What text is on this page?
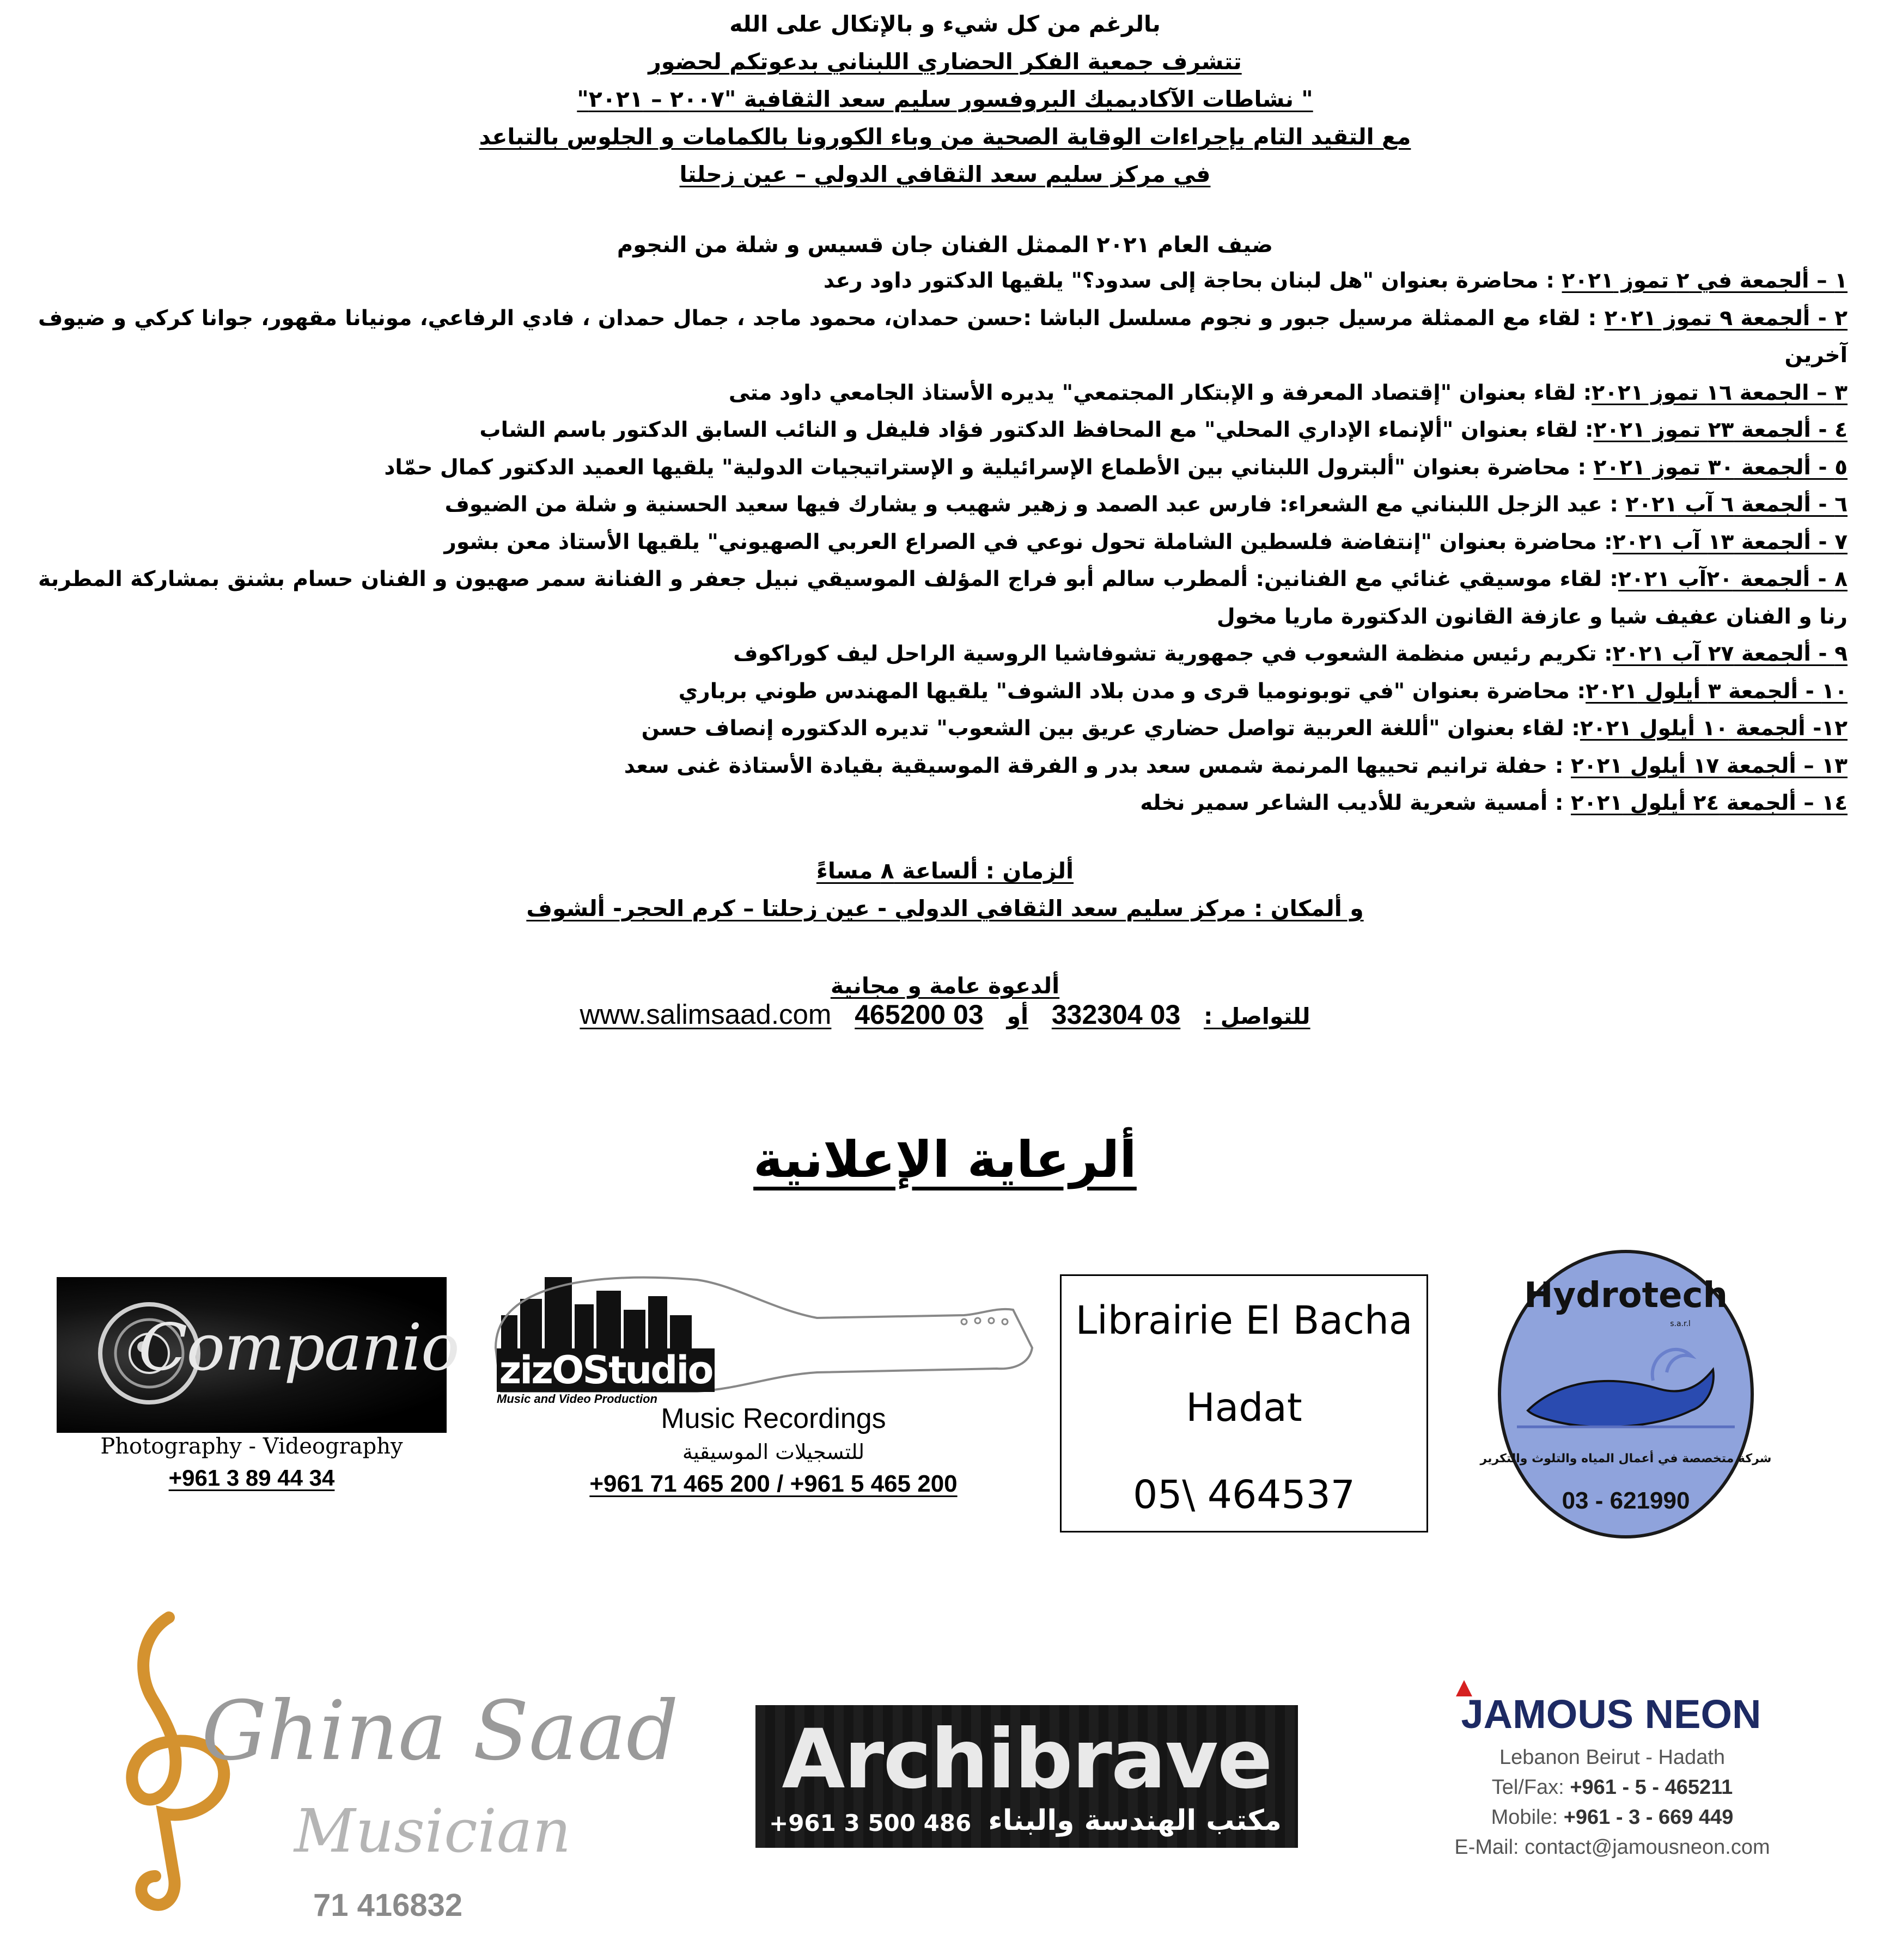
بالرغم من كل شيء و بالإتكال على الله
تتشرف جمعية الفكر الحضاري اللبناني بدعوتكم لحضور
" نشاطات الآكاديميك البروفسور سليم سعد الثقافية "٢٠٠٧ – ٢٠٢١"
مع التقيد التام بإجراءات الوقاية الصحية من وباء الكورونا بالكمامات و الجلوس بالتباعد
في مركز سليم سعد الثقافي الدولي – عين زحلتا
ضيف العام ٢٠٢١ الممثل الفنان جان قسيس و شلة من النجوم
١ – ألجمعة في ٢ تموز ٢٠٢١ : محاضرة بعنوان "هل لبنان بحاجة إلى سدود؟" يلقيها الدكتور داود رعد
٢ - ألجمعة ٩ تموز ٢٠٢١ : لقاء مع الممثلة مرسيل جبور و نجوم مسلسل الباشا :حسن حمدان، محمود ماجد ، جمال حمدان ، فادي الرفاعي، مونيانا مقهور، جوانا كركي و ضيوف آخرين
٣ – الجمعة ١٦ تموز ٢٠٢١: لقاء بعنوان "إقتصاد المعرفة و الإبتكار المجتمعي" يديره الأستاذ الجامعي داود متى
٤ - ألجمعة ٢٣ تموز ٢٠٢١: لقاء بعنوان "ألإنماء الإداري المحلي" مع المحافظ الدكتور فؤاد فليفل و النائب السابق الدكتور باسم الشاب
٥ - ألجمعة ٣٠ تموز ٢٠٢١ : محاضرة بعنوان "ألبترول اللبناني بين الأطماع الإسرائيلية و الإستراتيجيات الدولية" يلقيها العميد الدكتور كمال حمّاد
٦ - ألجمعة ٦ آب ٢٠٢١ : عيد الزجل اللبناني مع الشعراء: فارس عبد الصمد و زهير شهيب و يشارك فيها سعيد الحسنية و شلة من الضيوف
٧ - ألجمعة ١٣ آب ٢٠٢١: محاضرة بعنوان "إنتفاضة فلسطين الشاملة تحول نوعي في الصراع العربي الصهيوني" يلقيها الأستاذ معن بشور
٨ - ألجمعة ٢٠آب ٢٠٢١: لقاء موسيقي غنائي مع الفنانين: ألمطرب سالم أبو فراج المؤلف الموسيقي نبيل جعفر و الفنانة سمر صهيون و الفنان حسام بشنق بمشاركة المطربة رنا و الفنان عفيف شيا و عازفة القانون الدكتورة ماريا مخول
٩ - ألجمعة ٢٧ آب ٢٠٢١: تكريم رئيس منظمة الشعوب في جمهورية تشوفاشيا الروسية الراحل ليف كوراكوف
١٠ - ألجمعة ٣ أيلول ٢٠٢١: محاضرة بعنوان "في توبونوميا قرى و مدن بلاد الشوف" يلقيها المهندس طوني برباري
١٢- ألجمعة ١٠ أيلول ٢٠٢١: لقاء بعنوان "أللغة العربية تواصل حضاري عريق بين الشعوب" تديره الدكتوره إنصاف حسن
١٣ – ألجمعة ١٧ أيلول ٢٠٢١ : حفلة ترانيم تحييها المرنمة شمس سعد بدر و الفرقة الموسيقية بقيادة الأستاذة غنى سعد
١٤ – ألجمعة ٢٤ أيلول ٢٠٢١ : أمسية شعرية للأديب الشاعر سمير نخله
ألزمان : ألساعة ٨ مساءً
و ألمكان : مركز سليم سعد الثقافي الدولي - عين زحلتا – كرم الحجر- ألشوف
ألدعوة عامة و مجانية
للتواصل :   03 332304   أو   03 465200   www.salimsaad.com
ألرعاية الإعلانية
Companio
Photography - Videography
+961 3 89 44 34
zizOStudio
Music and Video Production
Music Recordings
للتسجيلات الموسيقية
+961 71 465 200 / +961 5 465 200
Librairie El Bacha
Hadat
05\ 464537
Hydrotech
s.a.r.l
شركة متخصصة في أعمال المياه والتلوث والتكرير
03 - 621990
Ghina Saad
Musician
71 416832
Archibrave
+961 3 500 486 مكتب الهندسة والبناء
JAMOUS NEON
Lebanon Beirut - Hadath
Tel/Fax: +961 - 5 - 465211
Mobile: +961 - 3 - 669 449
E-Mail: contact@jamousneon.com
